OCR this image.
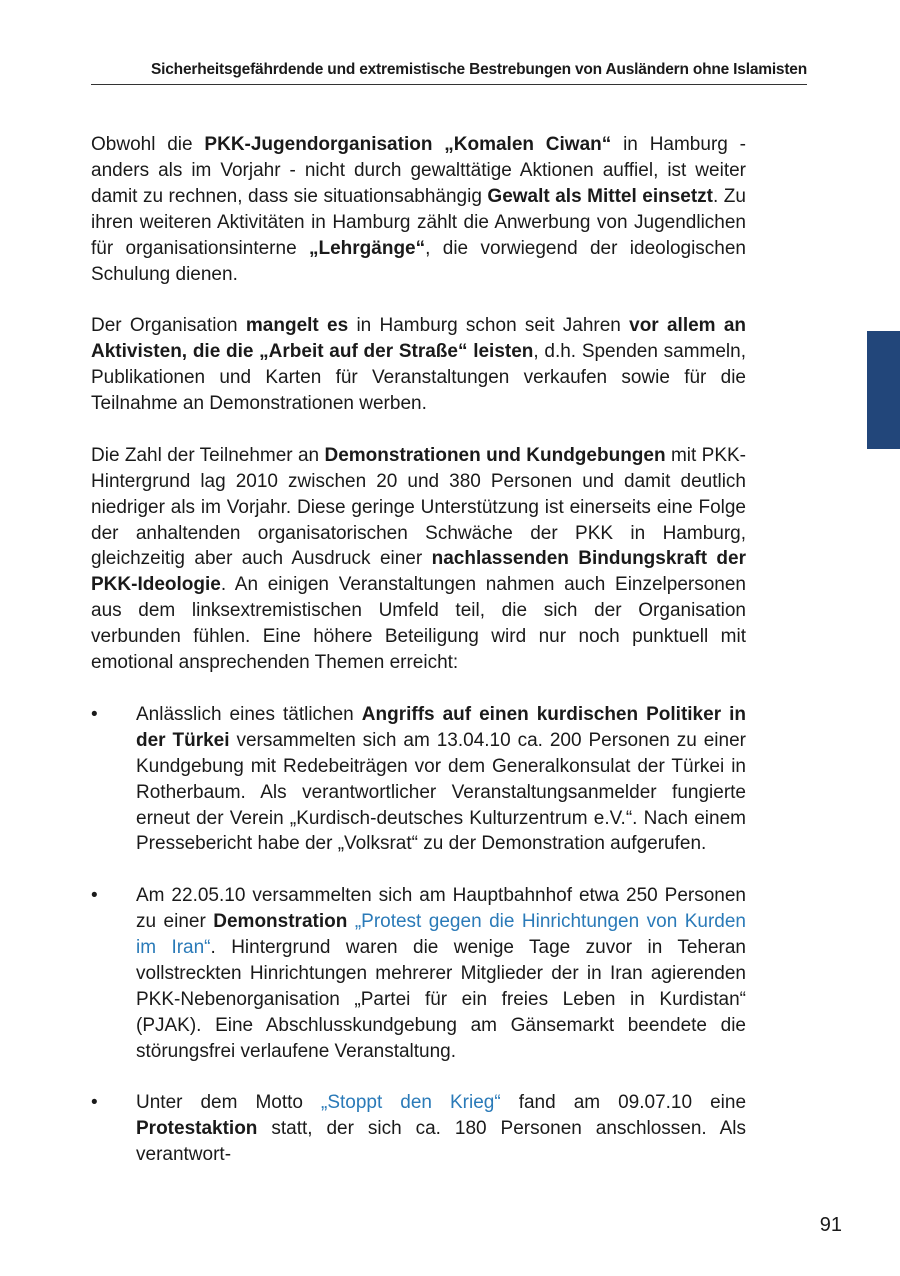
Sicherheitsgefährdende und extremistische Bestrebungen von Ausländern ohne Islamisten

Obwohl die PKK-Jugendorganisation „Komalen Ciwan“ in Hamburg - anders als im Vorjahr - nicht durch gewalttätige Aktionen auffiel, ist weiter damit zu rechnen, dass sie situationsabhängig Gewalt als Mittel einsetzt. Zu ihren weiteren Aktivitäten in Hamburg zählt die Anwerbung von Jugendlichen für organisationsinterne „Lehrgänge“, die vorwiegend der ideologischen Schulung dienen.

Der Organisation mangelt es in Hamburg schon seit Jahren vor allem an Aktivisten, die die „Arbeit auf der Straße“ leisten, d.h. Spenden sammeln, Publikationen und Karten für Veranstaltungen verkaufen sowie für die Teilnahme an Demonstrationen werben.

Die Zahl der Teilnehmer an Demonstrationen und Kundgebungen mit PKK-Hintergrund lag 2010 zwischen 20 und 380 Personen und damit deutlich niedriger als im Vorjahr. Diese geringe Unterstützung ist einerseits eine Folge der anhaltenden organisatorischen Schwäche der PKK in Hamburg, gleichzeitig aber auch Ausdruck einer nachlassenden Bindungskraft der PKK-Ideologie. An einigen Veranstaltungen nahmen auch Einzelpersonen aus dem linksextremistischen Umfeld teil, die sich der Organisation verbunden fühlen. Eine höhere Beteiligung wird nur noch punktuell mit emotional ansprechenden Themen erreicht:

•	Anlässlich eines tätlichen Angriffs auf einen kurdischen Politiker in der Türkei versammelten sich am 13.04.10 ca. 200 Personen zu einer Kundgebung mit Redebeiträgen vor dem Generalkonsulat der Türkei in Rotherbaum. Als verantwortlicher Veranstaltungsanmelder fungierte erneut der Verein „Kurdisch-deutsches Kulturzentrum e.V.“. Nach einem Pressebericht habe der „Volksrat“ zu der Demonstration aufgerufen.
•	Am 22.05.10 versammelten sich am Hauptbahnhof etwa 250 Personen zu einer Demonstration „Protest gegen die Hinrichtungen von Kurden im Iran“. Hintergrund waren die wenige Tage zuvor in Teheran vollstreckten Hinrichtungen mehrerer Mitglieder der in Iran agierenden PKK-Nebenorganisation „Partei für ein freies Leben in Kurdistan“ (PJAK). Eine Abschlusskundgebung am Gänsemarkt beendete die störungsfrei verlaufene Veranstaltung.
•	Unter dem Motto „Stoppt den Krieg“ fand am 09.07.10 eine Protestaktion statt, der sich ca. 180 Personen anschlossen. Als verantwort-
91
